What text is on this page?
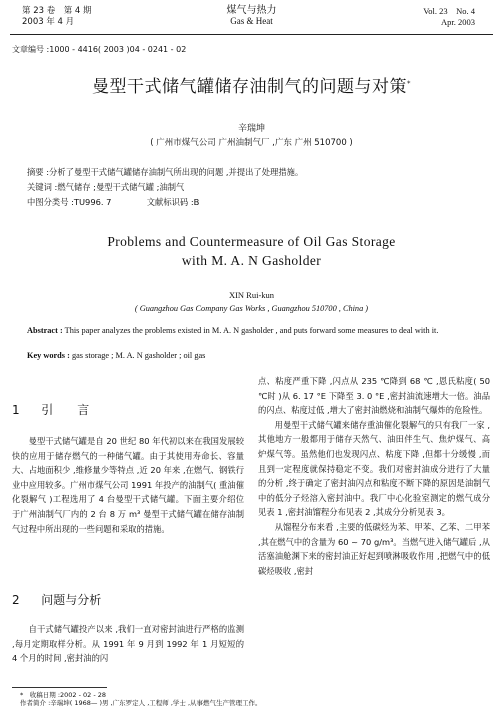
第 23 卷　第 4 期
2003 年 4 月
煤气与热力
Gas & Heat
Vol. 23　No. 4
Apr. 2003
文章编号 :1000 - 4416( 2003 )04 - 0241 - 02
曼型干式储气罐储存油制气的问题与对策*
辛瑞坤
( 广州市煤气公司 广州油制气厂 ,广东 广州 510700 )
摘要 :分析了曼型干式储气罐储存油制气所出现的问题 ,并提出了处理措施。
关键词 :燃气储存 ;曼型干式储气罐 ;油制气
中图分类号 :TU996. 7	文献标识码 :B
Problems and Countermeasure of Oil Gas Storage
with M. A. N Gasholder
XIN Rui-kun
( Guangzhou Gas Company Gas Works , Guangzhou 510700 , China )
Abstract : This paper analyzes the problems existed in M. A. N gasholder , and puts forward some measures to deal with it.
Key words : gas storage ; M. A. N gasholder ; oil gas
1 引　　言

曼型干式储气罐是自 20 世纪 80 年代初以来在我国发展较快的应用于储存燃气的一种储气罐。由于其使用寿命长、容量大、占地面积少 ,维修量少等特点 ,近 20 年来 ,在燃气、钢铁行业中应用较多。广州市煤气公司 1991 年投产的油制气( 重油催化裂解气 )工程选用了 4 台曼型干式储气罐。下面主要介绍位于广州油制气厂内的 2 台 8 万 m³ 曼型干式储气罐在储存油制气过程中所出现的一些问题和采取的措施。

2 问题与分析

自干式储气罐投产以来 ,我们一直对密封油进行严格的监测 ,每月定期取样分析。从 1991 年 9 月到 1992 年 1 月短短的 4 个月的时间 ,密封油的闪

点、粘度严重下降 ,闪点从 235 ℃降到 68 ℃ ,恩氏粘度( 50 ℃时 )从 6. 17 °E 下降至 3. 0 °E ,密封油流速增大一倍。油品的闪点、粘度过低 ,增大了密封油燃烧和油制气爆炸的危险性。

用曼型干式储气罐来储存重油催化裂解气的只有我厂一家 ,其他地方一般都用于储存天然气、油田伴生气、焦炉煤气、高炉煤气等。虽然他们也发现闪点、粘度下降 ,但都十分缓慢 ,而且到一定程度就保持稳定不变。我们对密封油成分进行了大量的分析 ,终于确定了密封油闪点和粘度不断下降的原因是油制气中的低分子烃溶入密封油中。我厂中心化验室测定的燃气成分见表 1 ,密封油馏程分布见表 2 ,其成分分析见表 3。

从馏程分布来看 ,主要的低碳烃为苯、甲苯、乙苯、二甲苯 ,其在燃气中的含量为 60 ~ 70 g/m³。当燃气进入储气罐后 ,从活塞油舱渊下来的密封油正好起到喷淋吸收作用 ,把燃气中的低碳烃吸收 ,密封

*　收稿日期 :2002 - 02 - 28
作者简介 :辛瑞坤( 1968— )男 ,广东罗定人 ,工程师 ,学士 ,从事燃气生产管理工作。
